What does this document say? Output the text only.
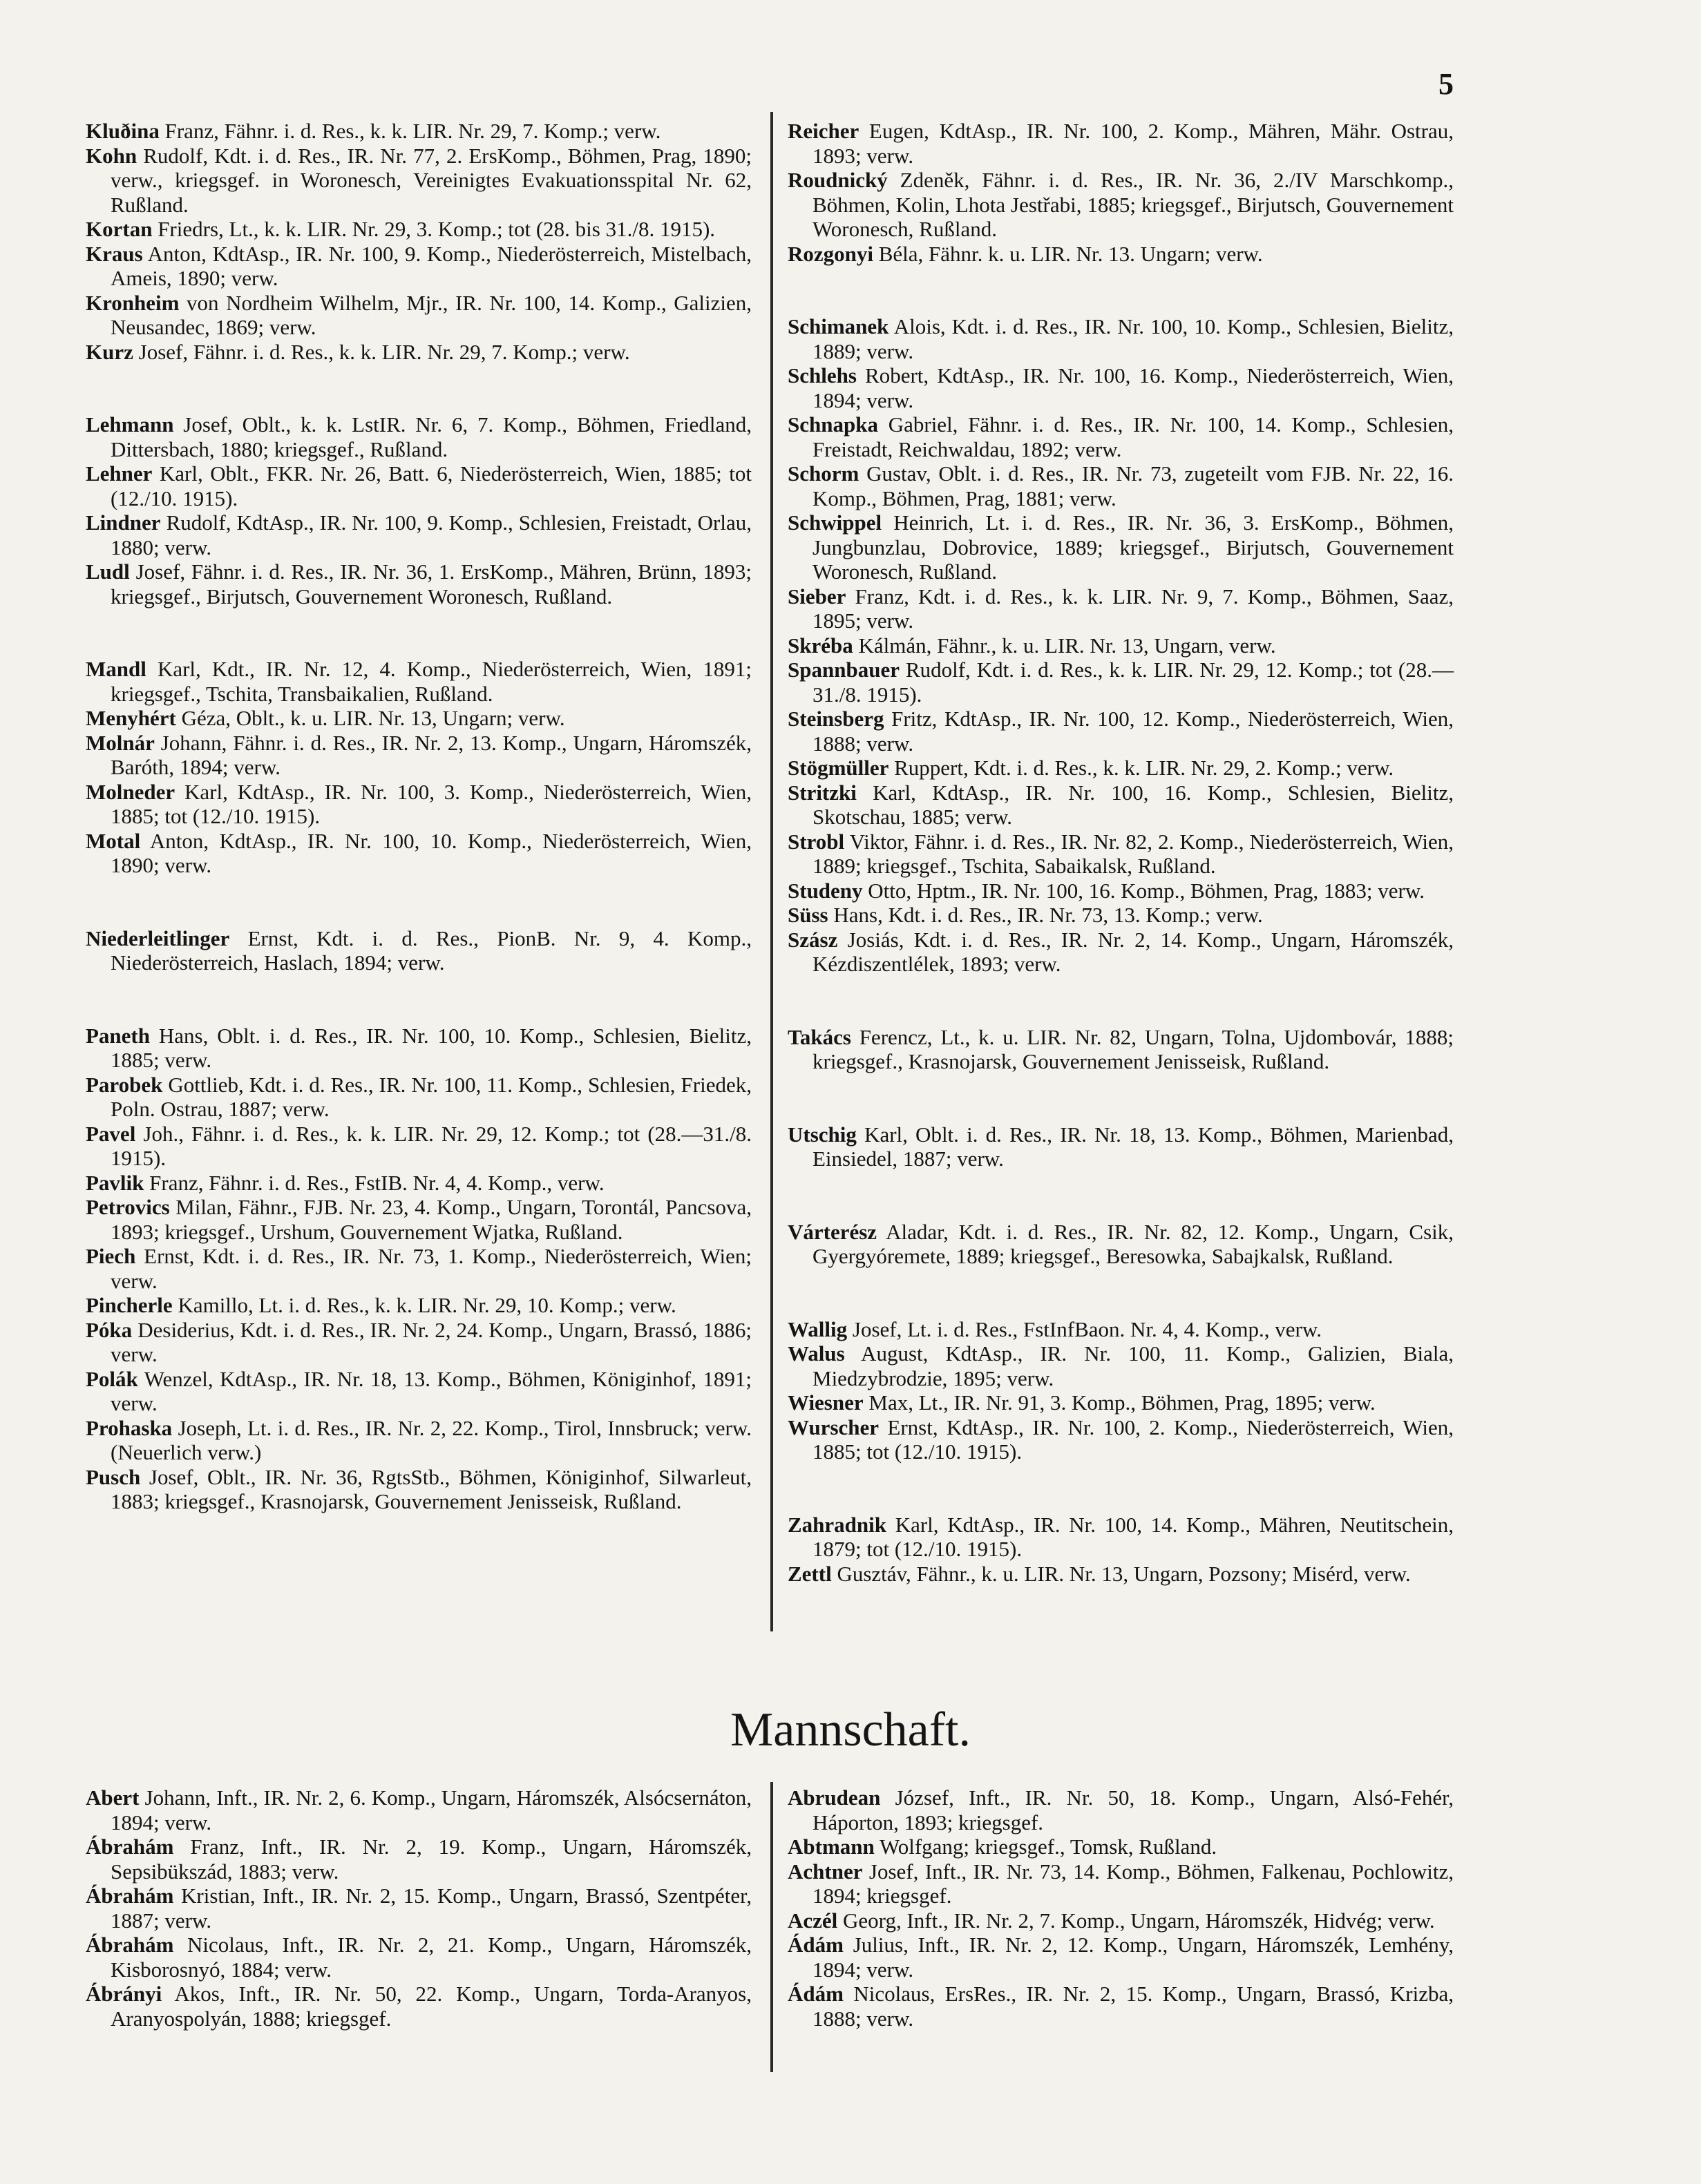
5

Kluðina Franz, Fähnr. i. d. Res., k. k. LIR. Nr. 29, 7. Komp.; verw.

Kohn Rudolf, Kdt. i. d. Res., IR. Nr. 77, 2. ErsKomp., Böhmen, Prag, 1890; verw., kriegsgef. in Woronesch, Vereinigtes Evakuationsspital Nr. 62, Rußland.

Kortan Friedrs, Lt., k. k. LIR. Nr. 29, 3. Komp.; tot (28. bis 31./8. 1915).

Kraus Anton, KdtAsp., IR. Nr. 100, 9. Komp., Niederösterreich, Mistelbach, Ameis, 1890; verw.

Kronheim von Nordheim Wilhelm, Mjr., IR. Nr. 100, 14. Komp., Galizien, Neusandec, 1869; verw.

Kurz Josef, Fähnr. i. d. Res., k. k. LIR. Nr. 29, 7. Komp.; verw.

Lehmann Josef, Oblt., k. k. LstIR. Nr. 6, 7. Komp., Böhmen, Friedland, Dittersbach, 1880; kriegsgef., Rußland.

Lehner Karl, Oblt., FKR. Nr. 26, Batt. 6, Niederösterreich, Wien, 1885; tot (12./10. 1915).

Lindner Rudolf, KdtAsp., IR. Nr. 100, 9. Komp., Schlesien, Freistadt, Orlau, 1880; verw.

Ludl Josef, Fähnr. i. d. Res., IR. Nr. 36, 1. ErsKomp., Mähren, Brünn, 1893; kriegsgef., Birjutsch, Gouvernement Woronesch, Rußland.

Mandl Karl, Kdt., IR. Nr. 12, 4. Komp., Niederösterreich, Wien, 1891; kriegsgef., Tschita, Transbaikalien, Rußland.

Menyhért Géza, Oblt., k. u. LIR. Nr. 13, Ungarn; verw.

Molnár Johann, Fähnr. i. d. Res., IR. Nr. 2, 13. Komp., Ungarn, Háromszék, Baróth, 1894; verw.

Molneder Karl, KdtAsp., IR. Nr. 100, 3. Komp., Niederösterreich, Wien, 1885; tot (12./10. 1915).

Motal Anton, KdtAsp., IR. Nr. 100, 10. Komp., Niederösterreich, Wien, 1890; verw.

Niederleitlinger Ernst, Kdt. i. d. Res., PionB. Nr. 9, 4. Komp., Niederösterreich, Haslach, 1894; verw.

Paneth Hans, Oblt. i. d. Res., IR. Nr. 100, 10. Komp., Schlesien, Bielitz, 1885; verw.

Parobek Gottlieb, Kdt. i. d. Res., IR. Nr. 100, 11. Komp., Schlesien, Friedek, Poln. Ostrau, 1887; verw.

Pavel Joh., Fähnr. i. d. Res., k. k. LIR. Nr. 29, 12. Komp.; tot (28.—31./8. 1915).

Pavlik Franz, Fähnr. i. d. Res., FstIB. Nr. 4, 4. Komp., verw.

Petrovics Milan, Fähnr., FJB. Nr. 23, 4. Komp., Ungarn, Torontál, Pancsova, 1893; kriegsgef., Urshum, Gouvernement Wjatka, Rußland.

Piech Ernst, Kdt. i. d. Res., IR. Nr. 73, 1. Komp., Niederösterreich, Wien; verw.

Pincherle Kamillo, Lt. i. d. Res., k. k. LIR. Nr. 29, 10. Komp.; verw.

Póka Desiderius, Kdt. i. d. Res., IR. Nr. 2, 24. Komp., Ungarn, Brassó, 1886; verw.

Polák Wenzel, KdtAsp., IR. Nr. 18, 13. Komp., Böhmen, Königinhof, 1891; verw.

Prohaska Joseph, Lt. i. d. Res., IR. Nr. 2, 22. Komp., Tirol, Innsbruck; verw. (Neuerlich verw.)

Pusch Josef, Oblt., IR. Nr. 36, RgtsStb., Böhmen, Königinhof, Silwarleut, 1883; kriegsgef., Krasnojarsk, Gouvernement Jenisseisk, Rußland.

Reicher Eugen, KdtAsp., IR. Nr. 100, 2. Komp., Mähren, Mähr. Ostrau, 1893; verw.

Roudnický Zdeněk, Fähnr. i. d. Res., IR. Nr. 36, 2./IV Marschkomp., Böhmen, Kolin, Lhota Jestřabi, 1885; kriegsgef., Birjutsch, Gouvernement Woronesch, Rußland.

Rozgonyi Béla, Fähnr. k. u. LIR. Nr. 13. Ungarn; verw.

Schimanek Alois, Kdt. i. d. Res., IR. Nr. 100, 10. Komp., Schlesien, Bielitz, 1889; verw.

Schlehs Robert, KdtAsp., IR. Nr. 100, 16. Komp., Niederösterreich, Wien, 1894; verw.

Schnapka Gabriel, Fähnr. i. d. Res., IR. Nr. 100, 14. Komp., Schlesien, Freistadt, Reichwaldau, 1892; verw.

Schorm Gustav, Oblt. i. d. Res., IR. Nr. 73, zugeteilt vom FJB. Nr. 22, 16. Komp., Böhmen, Prag, 1881; verw.

Schwippel Heinrich, Lt. i. d. Res., IR. Nr. 36, 3. ErsKomp., Böhmen, Jungbunzlau, Dobrovice, 1889; kriegsgef., Birjutsch, Gouvernement Woronesch, Rußland.

Sieber Franz, Kdt. i. d. Res., k. k. LIR. Nr. 9, 7. Komp., Böhmen, Saaz, 1895; verw.

Skréba Kálmán, Fähnr., k. u. LIR. Nr. 13, Ungarn, verw.

Spannbauer Rudolf, Kdt. i. d. Res., k. k. LIR. Nr. 29, 12. Komp.; tot (28.—31./8. 1915).

Steinsberg Fritz, KdtAsp., IR. Nr. 100, 12. Komp., Niederösterreich, Wien, 1888; verw.

Stögmüller Ruppert, Kdt. i. d. Res., k. k. LIR. Nr. 29, 2. Komp.; verw.

Stritzki Karl, KdtAsp., IR. Nr. 100, 16. Komp., Schlesien, Bielitz, Skotschau, 1885; verw.

Strobl Viktor, Fähnr. i. d. Res., IR. Nr. 82, 2. Komp., Niederösterreich, Wien, 1889; kriegsgef., Tschita, Sabaikalsk, Rußland.

Studeny Otto, Hptm., IR. Nr. 100, 16. Komp., Böhmen, Prag, 1883; verw.

Süss Hans, Kdt. i. d. Res., IR. Nr. 73, 13. Komp.; verw.

Szász Josiás, Kdt. i. d. Res., IR. Nr. 2, 14. Komp., Ungarn, Háromszék, Kézdiszentlélek, 1893; verw.

Takács Ferencz, Lt., k. u. LIR. Nr. 82, Ungarn, Tolna, Ujdombovár, 1888; kriegsgef., Krasnojarsk, Gouvernement Jenisseisk, Rußland.

Utschig Karl, Oblt. i. d. Res., IR. Nr. 18, 13. Komp., Böhmen, Marienbad, Einsiedel, 1887; verw.

Várterész Aladar, Kdt. i. d. Res., IR. Nr. 82, 12. Komp., Ungarn, Csik, Gyergyóremete, 1889; kriegsgef., Beresowka, Sabajkalsk, Rußland.

Wallig Josef, Lt. i. d. Res., FstInfBaon. Nr. 4, 4. Komp., verw.

Walus August, KdtAsp., IR. Nr. 100, 11. Komp., Galizien, Biala, Miedzybrodzie, 1895; verw.

Wiesner Max, Lt., IR. Nr. 91, 3. Komp., Böhmen, Prag, 1895; verw.

Wurscher Ernst, KdtAsp., IR. Nr. 100, 2. Komp., Niederösterreich, Wien, 1885; tot (12./10. 1915).

Zahradnik Karl, KdtAsp., IR. Nr. 100, 14. Komp., Mähren, Neutitschein, 1879; tot (12./10. 1915).

Zettl Gusztáv, Fähnr., k. u. LIR. Nr. 13, Ungarn, Pozsony; Misérd, verw.

Mannschaft.

Abert Johann, Inft., IR. Nr. 2, 6. Komp., Ungarn, Háromszék, Alsócsernáton, 1894; verw.

Ábrahám Franz, Inft., IR. Nr. 2, 19. Komp., Ungarn, Háromszék, Sepsibükszád, 1883; verw.

Ábrahám Kristian, Inft., IR. Nr. 2, 15. Komp., Ungarn, Brassó, Szentpéter, 1887; verw.

Ábrahám Nicolaus, Inft., IR. Nr. 2, 21. Komp., Ungarn, Háromszék, Kisborosnyó, 1884; verw.

Ábrányi Akos, Inft., IR. Nr. 50, 22. Komp., Ungarn, Torda-Aranyos, Aranyospolyán, 1888; kriegsgef.

Abrudean József, Inft., IR. Nr. 50, 18. Komp., Ungarn, Alsó-Fehér, Háporton, 1893; kriegsgef.

Abtmann Wolfgang; kriegsgef., Tomsk, Rußland.

Achtner Josef, Inft., IR. Nr. 73, 14. Komp., Böhmen, Falkenau, Pochlowitz, 1894; kriegsgef.

Aczél Georg, Inft., IR. Nr. 2, 7. Komp., Ungarn, Háromszék, Hidvég; verw.

Ádám Julius, Inft., IR. Nr. 2, 12. Komp., Ungarn, Háromszék, Lemhény, 1894; verw.

Ádám Nicolaus, ErsRes., IR. Nr. 2, 15. Komp., Ungarn, Brassó, Krizba, 1888; verw.
